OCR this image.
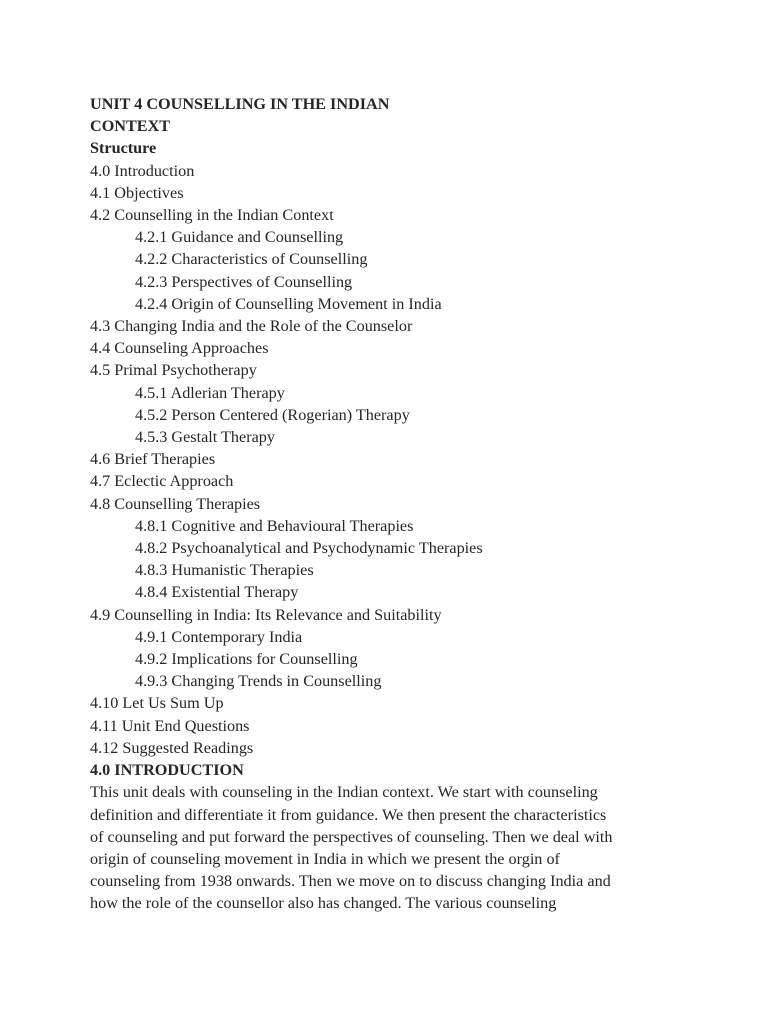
UNIT 4 COUNSELLING IN THE INDIAN
CONTEXT
Structure
4.0 Introduction
4.1 Objectives
4.2 Counselling in the Indian Context
4.2.1 Guidance and Counselling
4.2.2 Characteristics of Counselling
4.2.3 Perspectives of Counselling
4.2.4 Origin of Counselling Movement in India
4.3 Changing India and the Role of the Counselor
4.4 Counseling Approaches
4.5 Primal Psychotherapy
4.5.1 Adlerian Therapy
4.5.2 Person Centered (Rogerian) Therapy
4.5.3 Gestalt Therapy
4.6 Brief Therapies
4.7 Eclectic Approach
4.8 Counselling Therapies
4.8.1 Cognitive and Behavioural Therapies
4.8.2 Psychoanalytical and Psychodynamic Therapies
4.8.3 Humanistic Therapies
4.8.4 Existential Therapy
4.9 Counselling in India: Its Relevance and Suitability
4.9.1 Contemporary India
4.9.2 Implications for Counselling
4.9.3 Changing Trends in Counselling
4.10 Let Us Sum Up
4.11 Unit End Questions
4.12 Suggested Readings
4.0 INTRODUCTION

This unit deals with counseling in the Indian context. We start with counseling
definition and differentiate it from guidance. We then present the characteristics
of counseling and put forward the perspectives of counseling. Then we deal with
origin of counseling movement in India in which we present the orgin of
counseling from 1938 onwards. Then we move on to discuss changing India and
how the role of the counsellor also has changed. The various counseling
